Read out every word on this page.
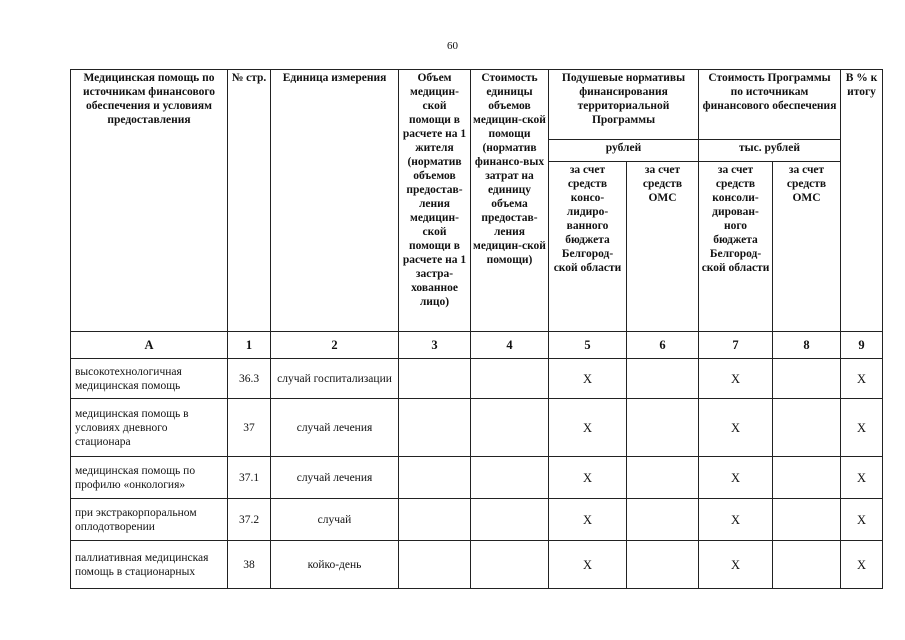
60
Медицинская помощь по источникам финансового обеспечения и условиям предоставления	№ стр.	Единица измерения	Объем медицин-ской помощи в расчете на 1 жителя (норматив объемов предостав-ления медицин-ской помощи в расчете на 1 застра-хованное лицо)	Стоимость единицы объемов медицин-ской помощи (норматив финансо-вых затрат на единицу объема предостав-ления медицин-ской помощи)	Подушевые нормативы финансирования территориальной Программы		Стоимость Программы по источникам финансового обеспечения		В % к итогу
					рублей		тыс. рублей		
					за счет средств консо-лидиро-ванного бюджета Белгород-ской области	за счет средств ОМС	за счет средств консоли-дирован-ного бюджета Белгород-ской области	за счет средств ОМС	
А	1	2	3	4	5	6	7	8	9
высокотехнологичная медицинская помощь	36.3	случай госпитализации			X		X		X
медицинская помощь в условиях дневного стационара	37	случай лечения			X		X		X
медицинская помощь по профилю «онкология»	37.1	случай лечения			X		X		X
при экстракорпоральном оплодотворении	37.2	случай			X		X		X
паллиативная медицинская помощь в стационарных	38	койко-день			X		X		X
